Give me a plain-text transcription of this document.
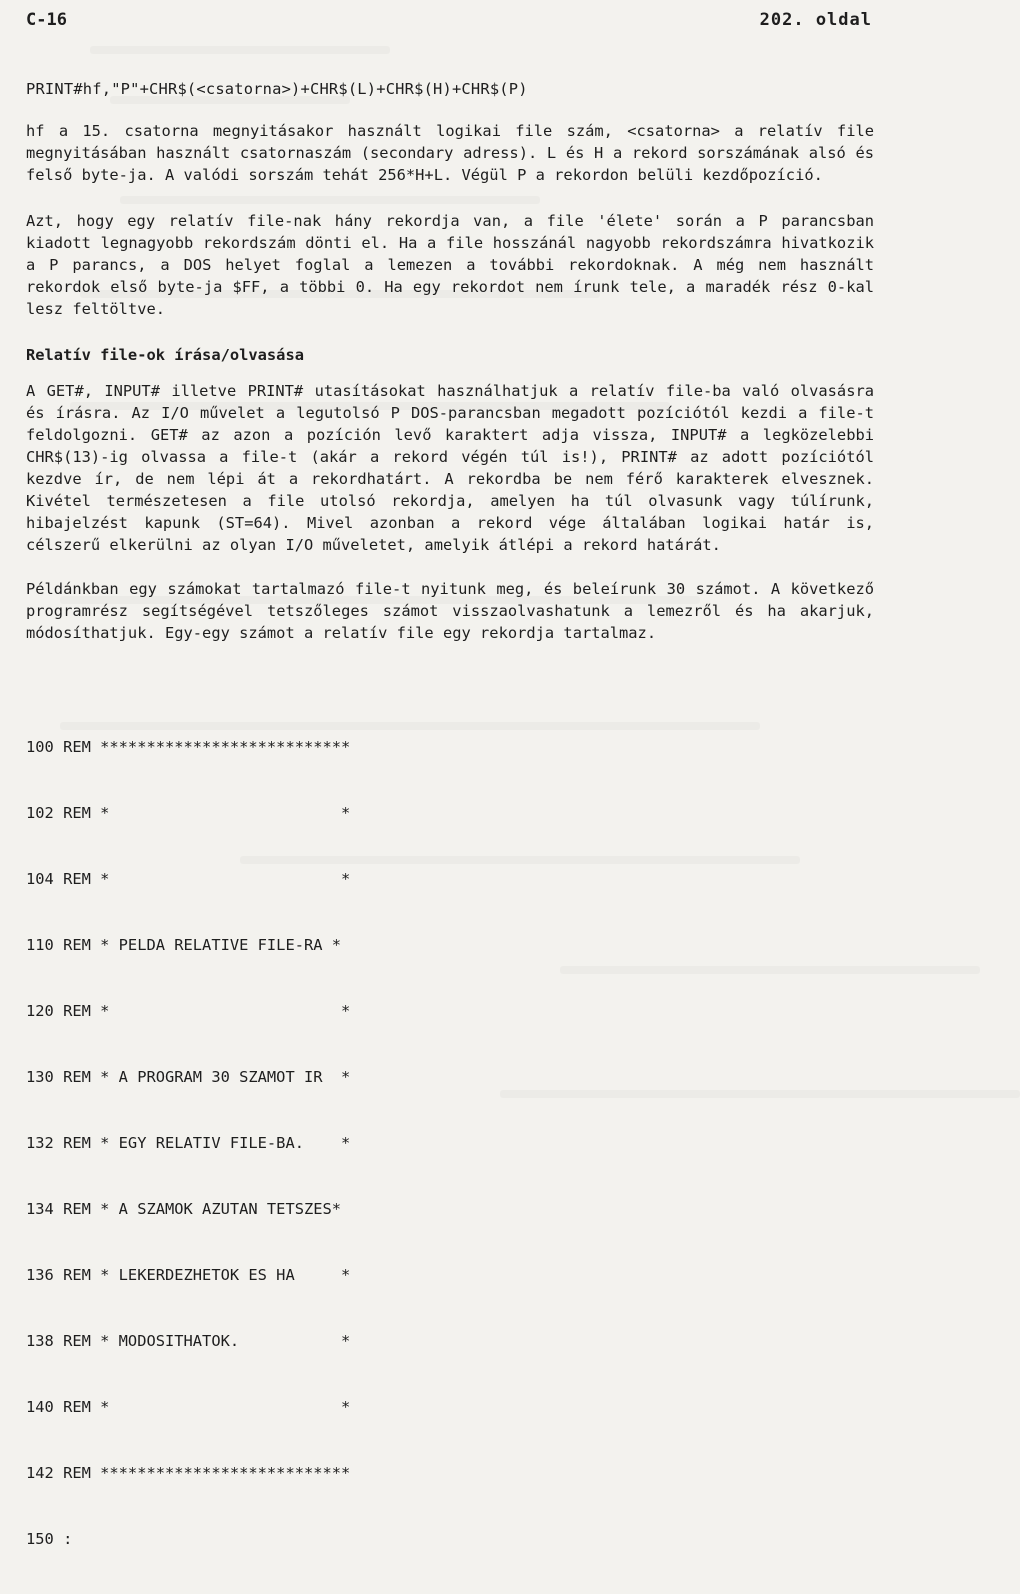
C-16	202. oldal
PRINT#hf,"P"+CHR$(<csatorna>)+CHR$(L)+CHR$(H)+CHR$(P)

hf a 15. csatorna megnyitásakor használt logikai file szám, <csatorna> a relatív file megnyitásában használt csatornaszám (secondary adress). L és H a rekord sorszámának alsó és felső byte-ja. A valódi sorszám tehát 256*H+L. Végül P a rekordon belüli kezdőpozíció.

Azt, hogy egy relatív file-nak hány rekordja van, a file 'élete' során a P parancsban kiadott legnagyobb rekordszám dönti el. Ha a file hosszánál nagyobb rekordszámra hivatkozik a P parancs, a DOS helyet foglal a lemezen a további rekordoknak. A még nem használt rekordok első byte-ja $FF, a többi 0. Ha egy rekordot nem írunk tele, a maradék rész 0-kal lesz feltöltve.

Relatív file-ok írása/olvasása

A GET#, INPUT# illetve PRINT# utasításokat használhatjuk a relatív file-ba való olvasásra és írásra. Az I/O művelet a legutolsó P DOS-parancsban megadott pozíciótól kezdi a file-t feldolgozni. GET# az azon a pozíción levő karaktert adja vissza, INPUT# a legközelebbi CHR$(13)-ig olvassa a file-t (akár a rekord végén túl is!), PRINT# az adott pozíciótól kezdve ír, de nem lépi át a rekordhatárt. A rekordba be nem férő karakterek elvesznek. Kivétel természetesen a file utolsó rekordja, amelyen ha túl olvasunk vagy túlírunk, hibajelzést kapunk (ST=64). Mivel azonban a rekord vége általában logikai határ is, célszerű elkerülni az olyan I/O műveletet, amelyik átlépi a rekord határát.

Példánkban egy számokat tartalmazó file-t nyitunk meg, és beleírunk 30 számot. A következő programrész segítségével tetszőleges számot visszaolvashatunk a lemezről és ha akarjuk, módosíthatjuk. Egy-egy számot a relatív file egy rekordja tartalmaz.

100 REM ***************************

102 REM *                         *

104 REM *                         *

110 REM * PELDA RELATIVE FILE-RA *

120 REM *                         *

130 REM * A PROGRAM 30 SZAMOT IR  *

132 REM * EGY RELATIV FILE-BA.    *

134 REM * A SZAMOK AZUTAN TETSZES*

136 REM * LEKERDEZHETOK ES HA     *

138 REM * MODOSITHATOK.           *

140 REM *                         *

142 REM ***************************

150 :
